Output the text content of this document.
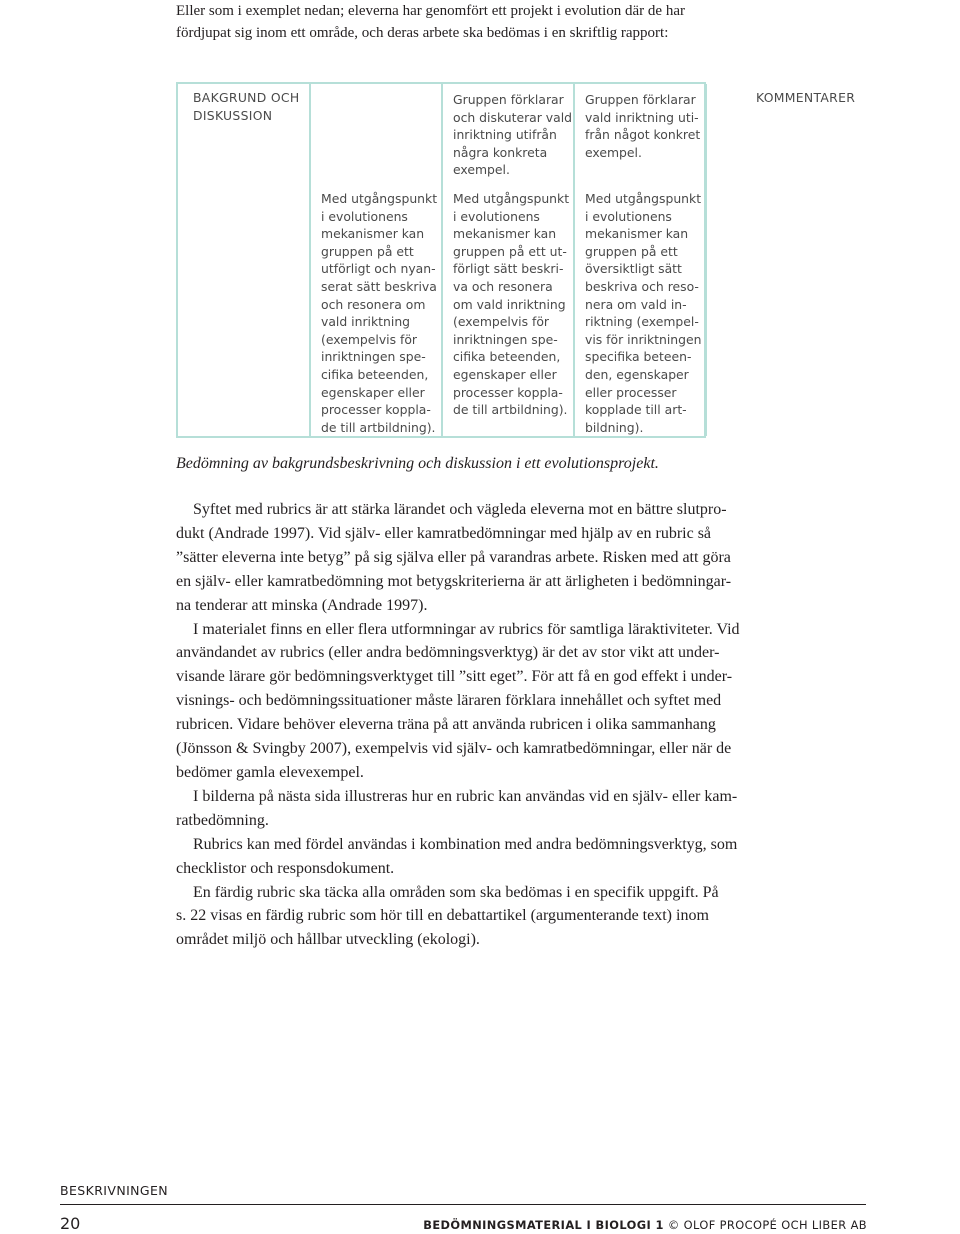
Eller som i exemplet nedan; eleverna har genomfört ett projekt i evolution där de har
fördjupat sig inom ett område, och deras arbete ska bedömas i en skriftlig rapport:
BAKGRUND OCH
DISKUSSION
Gruppen förklarar
och diskuterar vald
inriktning utifrån
några konkreta
exempel.
Gruppen förklarar
vald inriktning uti-
från något konkret
exempel.
KOMMENTARER
Med utgångspunkt
i evolutionens
mekanismer kan
gruppen på ett
utförligt och nyan-
serat sätt beskriva
och resonera om
vald inriktning
(exempelvis för
inriktningen spe-
cifika beteenden,
egenskaper eller
processer koppla-
de till artbildning).
Med utgångspunkt
i evolutionens
mekanismer kan
gruppen på ett ut-
förligt sätt beskri-
va och resonera
om vald inriktning
(exempelvis för
inriktningen spe-
cifika beteenden,
egenskaper eller
processer koppla-
de till artbildning).
Med utgångspunkt
i evolutionens
mekanismer kan
gruppen på ett
översiktligt sätt
beskriva och reso-
nera om vald in-
riktning (exempel-
vis för inriktningen
specifika beteen-
den, egenskaper
eller processer
kopplade till art-
bildning).

Bedömning av bakgrundsbeskrivning och diskussion i ett evolutionsprojekt.

Syftet med rubrics är att stärka lärandet och vägleda eleverna mot en bättre slutpro-
dukt (Andrade 1997). Vid själv- eller kamratbedömningar med hjälp av en rubric så
”sätter eleverna inte betyg” på sig själva eller på varandras arbete. Risken med att göra
en själv- eller kamratbedömning mot betygskriterierna är att ärligheten i bedömningar-
na tenderar att minska (Andrade 1997).
I materialet finns en eller flera utformningar av rubrics för samtliga läraktiviteter. Vid
användandet av rubrics (eller andra bedömningsverktyg) är det av stor vikt att under-
visande lärare gör bedömningsverktyget till ”sitt eget”. För att få en god effekt i under-
visnings- och bedömningssituationer måste läraren förklara innehållet och syftet med
rubricen. Vidare behöver eleverna träna på att använda rubricen i olika sammanhang
(Jönsson & Svingby 2007), exempelvis vid själv- och kamratbedömningar, eller när de
bedömer gamla elevexempel.
I bilderna på nästa sida illustreras hur en rubric kan användas vid en själv- eller kam-
ratbedömning.
Rubrics kan med fördel användas i kombination med andra bedömningsverktyg, som
checklistor och responsdokument.
En färdig rubric ska täcka alla områden som ska bedömas i en specifik uppgift. På
s. 22 visas en färdig rubric som hör till en debattartikel (argumenterande text) inom
området miljö och hållbar utveckling (ekologi).
BESKRIVNINGEN
20	BEDÖMNINGSMATERIAL I BIOLOGI 1 © OLOF PROCOPÉ OCH LIBER AB
